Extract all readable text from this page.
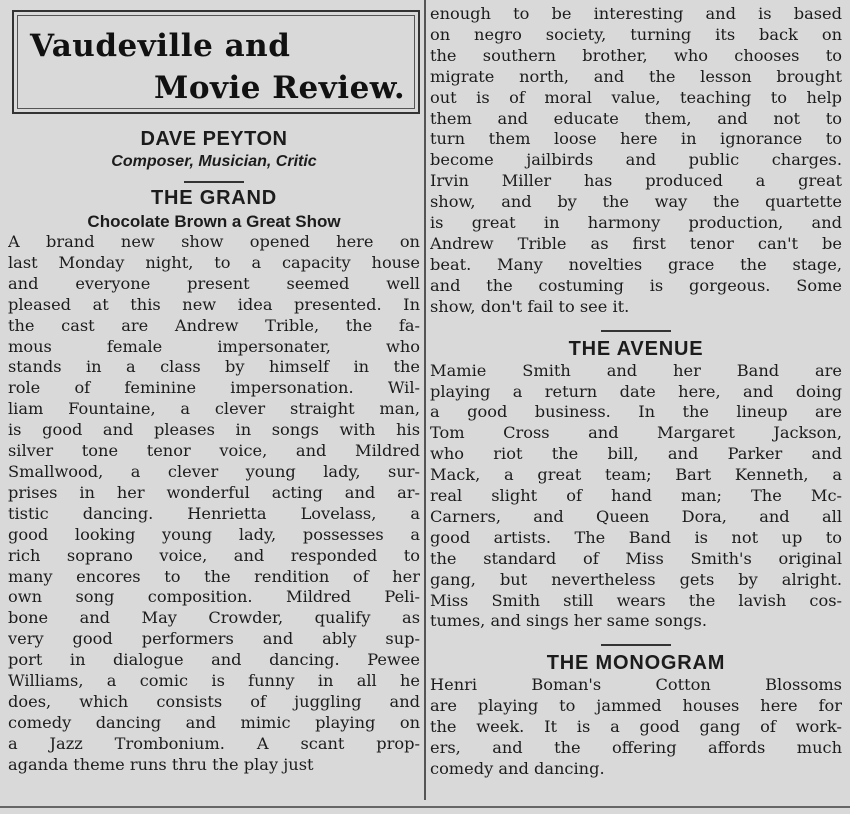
Vaudeville and
Movie Review.
DAVE PEYTON
Composer, Musician, Critic
THE GRAND
Chocolate Brown a Great Show
A brand new show opened here on
last Monday night, to a capacity house
and everyone present seemed well
pleased at this new idea presented. In
the cast are Andrew Trible, the fa-
mous female impersonater, who
stands in a class by himself in the
role of feminine impersonation. Wil-
liam Fountaine, a clever straight man,
is good and pleases in songs with his
silver tone tenor voice, and Mildred
Smallwood, a clever young lady, sur-
prises in her wonderful acting and ar-
tistic dancing. Henrietta Lovelass, a
good looking young lady, possesses a
rich soprano voice, and responded to
many encores to the rendition of her
own song composition. Mildred Peli-
bone and May Crowder, qualify as
very good performers and ably sup-
port in dialogue and dancing. Pewee
Williams, a comic is funny in all he
does, which consists of juggling and
comedy dancing and mimic playing on
a Jazz Trombonium. A scant prop-
aganda theme runs thru the play just
enough to be interesting and is based
on negro society, turning its back on
the southern brother, who chooses to
migrate north, and the lesson brought
out is of moral value, teaching to help
them and educate them, and not to
turn them loose here in ignorance to
become jailbirds and public charges.
Irvin Miller has produced a great
show, and by the way the quartette
is great in harmony production, and
Andrew Trible as first tenor can't be
beat. Many novelties grace the stage,
and the costuming is gorgeous. Some
show, don't fail to see it.
THE AVENUE
Mamie Smith and her Band are
playing a return date here, and doing
a good business. In the lineup are
Tom Cross and Margaret Jackson,
who riot the bill, and Parker and
Mack, a great team; Bart Kenneth, a
real slight of hand man; The Mc-
Carners, and Queen Dora, and all
good artists. The Band is not up to
the standard of Miss Smith's original
gang, but nevertheless gets by alright.
Miss Smith still wears the lavish cos-
tumes, and sings her same songs.
THE MONOGRAM
Henri Boman's Cotton Blossoms
are playing to jammed houses here for
the week. It is a good gang of work-
ers, and the offering affords much
comedy and dancing.
